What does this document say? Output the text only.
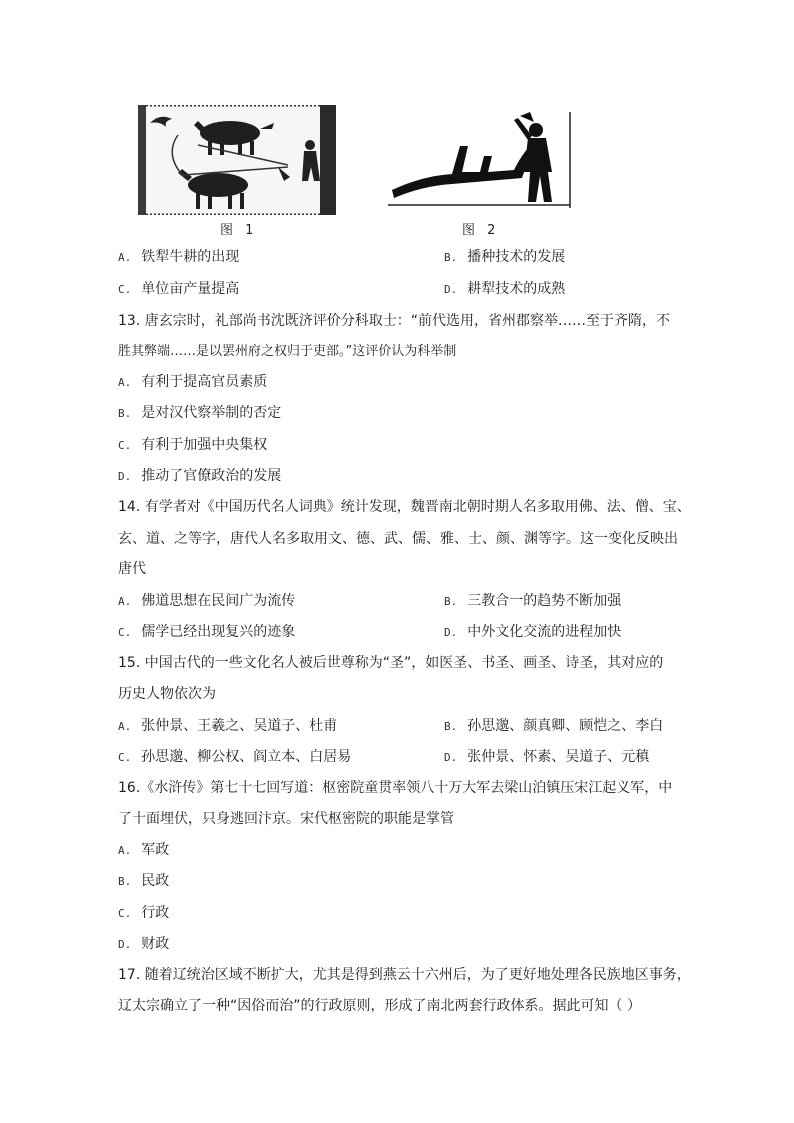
图 1	图 2
A. 铁犁牛耕的出现	B. 播种技术的发展
C. 单位亩产量提高	D. 耕犁技术的成熟
13. 唐玄宗时，礼部尚书沈既济评价分科取士：“前代选用，省州郡察举……至于齐隋，不
胜其弊端……是以罢州府之权归于吏部。”这评价认为科举制
A. 有利于提高官员素质
B. 是对汉代察举制的否定
C. 有利于加强中央集权
D. 推动了官僚政治的发展
14. 有学者对《中国历代名人词典》统计发现，魏晋南北朝时期人名多取用佛、法、僧、宝、
玄、道、之等字，唐代人名多取用文、德、武、儒、雅、士、颜、渊等字。这一变化反映出
唐代
A. 佛道思想在民间广为流传	B. 三教合一的趋势不断加强
C. 儒学已经出现复兴的迹象	D. 中外文化交流的进程加快
15. 中国古代的一些文化名人被后世尊称为“圣”，如医圣、书圣、画圣、诗圣，其对应的
历史人物依次为
A. 张仲景、王羲之、吴道子、杜甫	B. 孙思邈、颜真卿、顾恺之、李白
C. 孙思邈、柳公权、阎立本、白居易	D. 张仲景、怀素、吴道子、元稹
16.《水浒传》第七十七回写道：枢密院童贯率领八十万大军去梁山泊镇压宋江起义军，中
了十面埋伏，只身逃回汴京。宋代枢密院的职能是掌管
A. 军政
B. 民政
C. 行政
D. 财政
17. 随着辽统治区域不断扩大，尤其是得到燕云十六州后，为了更好地处理各民族地区事务，
辽太宗确立了一种“因俗而治”的行政原则，形成了南北两套行政体系。据此可知（ ）
